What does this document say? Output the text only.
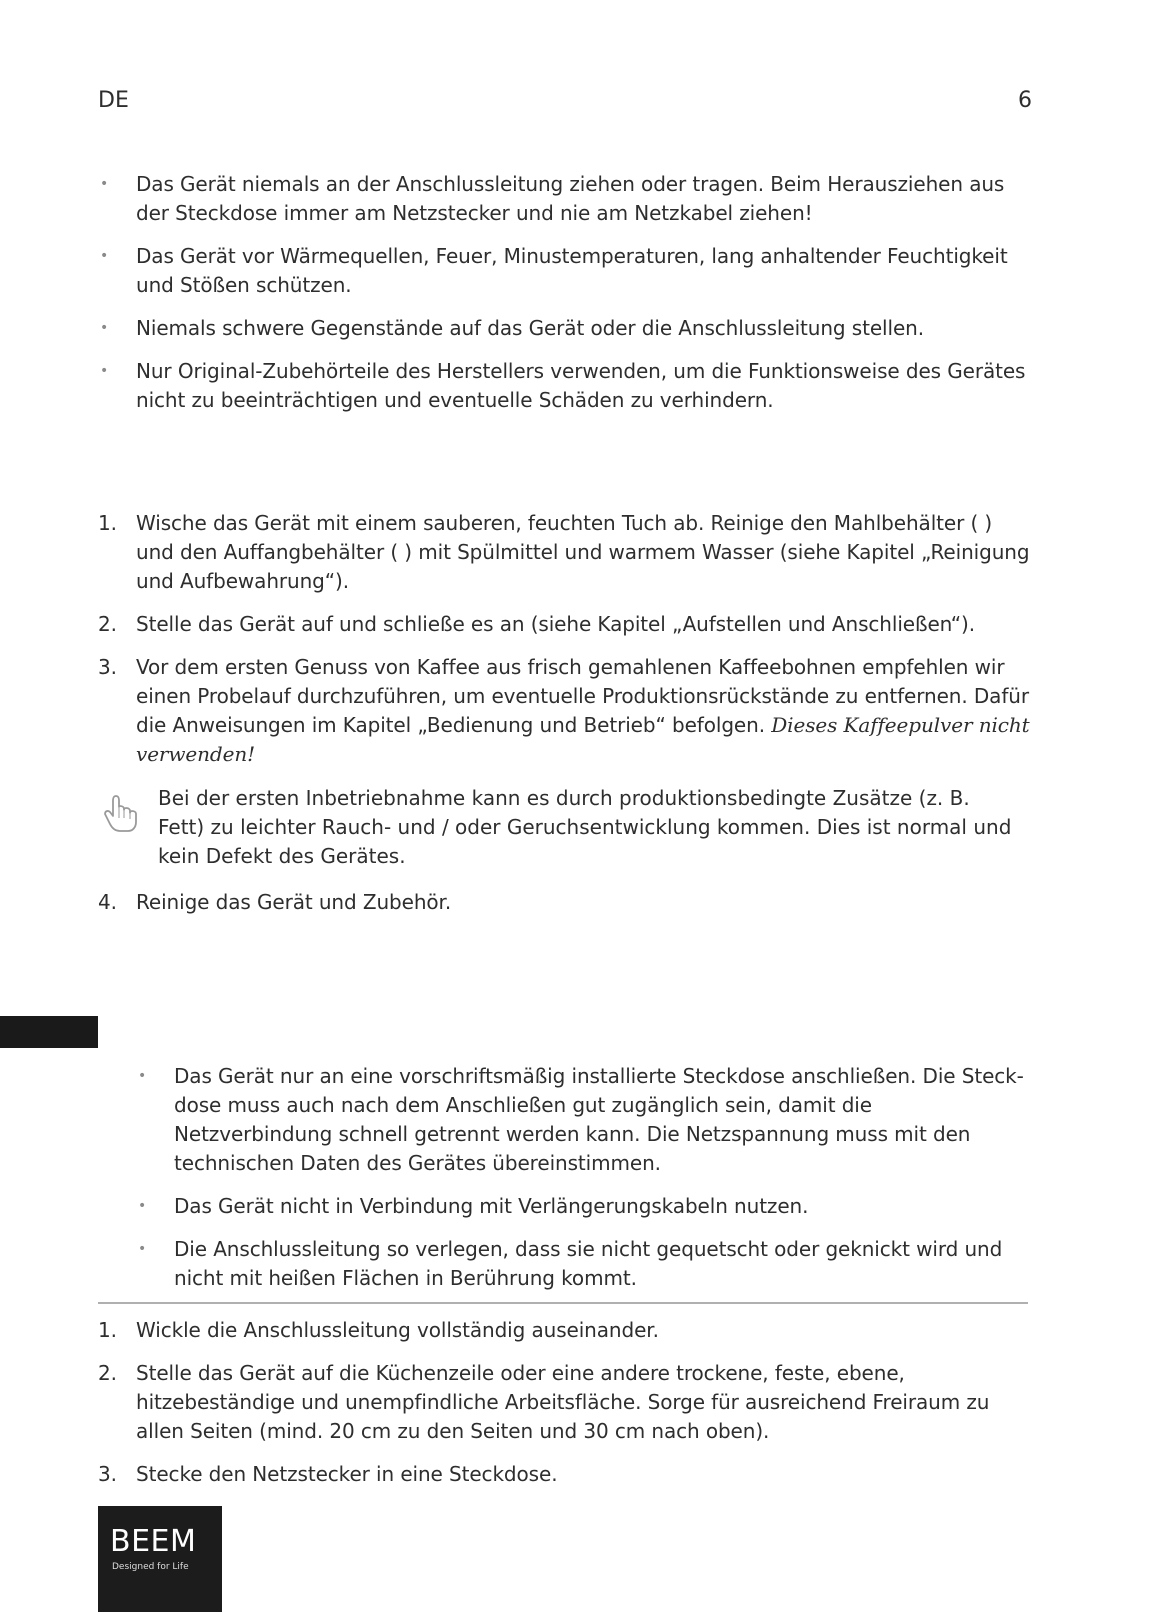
DE	6
• Das Gerät niemals an der Anschlussleitung ziehen oder tragen. Beim Herausziehen aus der Steckdose immer am Netzstecker und nie am Netzkabel ziehen!
• Das Gerät vor Wärmequellen, Feuer, Minustemperaturen, lang anhaltender Feuchtigkeit und Stößen schützen.
• Niemals schwere Gegenstände auf das Gerät oder die Anschlussleitung stellen.
• Nur Original-Zubehörteile des Herstellers verwenden, um die Funktionsweise des Gerätes nicht zu beeinträchtigen und eventuelle Schäden zu verhindern.
1. Wische das Gerät mit einem sauberen, feuchten Tuch ab. Reinige den Mahlbehälter ( ) und den Auffangbehälter ( ) mit Spülmittel und warmem Wasser (siehe Kapitel „Reinigung und Aufbewahrung“).
2. Stelle das Gerät auf und schließe es an (siehe Kapitel „Aufstellen und Anschließen“).
3. Vor dem ersten Genuss von Kaffee aus frisch gemahlenen Kaffeebohnen empfehlen wir einen Probelauf durchzuführen, um eventuelle Produktionsrückstände zu entfernen. Dafür die Anweisungen im Kapitel „Bedienung und Betrieb“ befolgen. Dieses Kaffeepulver nicht verwenden!
Bei der ersten Inbetriebnahme kann es durch produktionsbedingte Zusätze (z. B. Fett) zu leichter Rauch- und / oder Geruchsentwicklung kommen. Dies ist normal und kein Defekt des Gerätes.
4. Reinige das Gerät und Zubehör.
• Das Gerät nur an eine vorschriftsmäßig installierte Steckdose anschließen. Die Steckdose muss auch nach dem Anschließen gut zugänglich sein, damit die Netzverbindung schnell getrennt werden kann. Die Netzspannung muss mit den technischen Daten des Gerätes übereinstimmen.
• Das Gerät nicht in Verbindung mit Verlängerungskabeln nutzen.
• Die Anschlussleitung so verlegen, dass sie nicht gequetscht oder geknickt wird und nicht mit heißen Flächen in Berührung kommt.
1. Wickle die Anschlussleitung vollständig auseinander.
2. Stelle das Gerät auf die Küchenzeile oder eine andere trockene, feste, ebene, hitzebeständige und unempfindliche Arbeitsfläche. Sorge für ausreichend Freiraum zu allen Seiten (mind. 20 cm zu den Seiten und 30 cm nach oben).
3. Stecke den Netzstecker in eine Steckdose.
BEEM
Designed for Life
